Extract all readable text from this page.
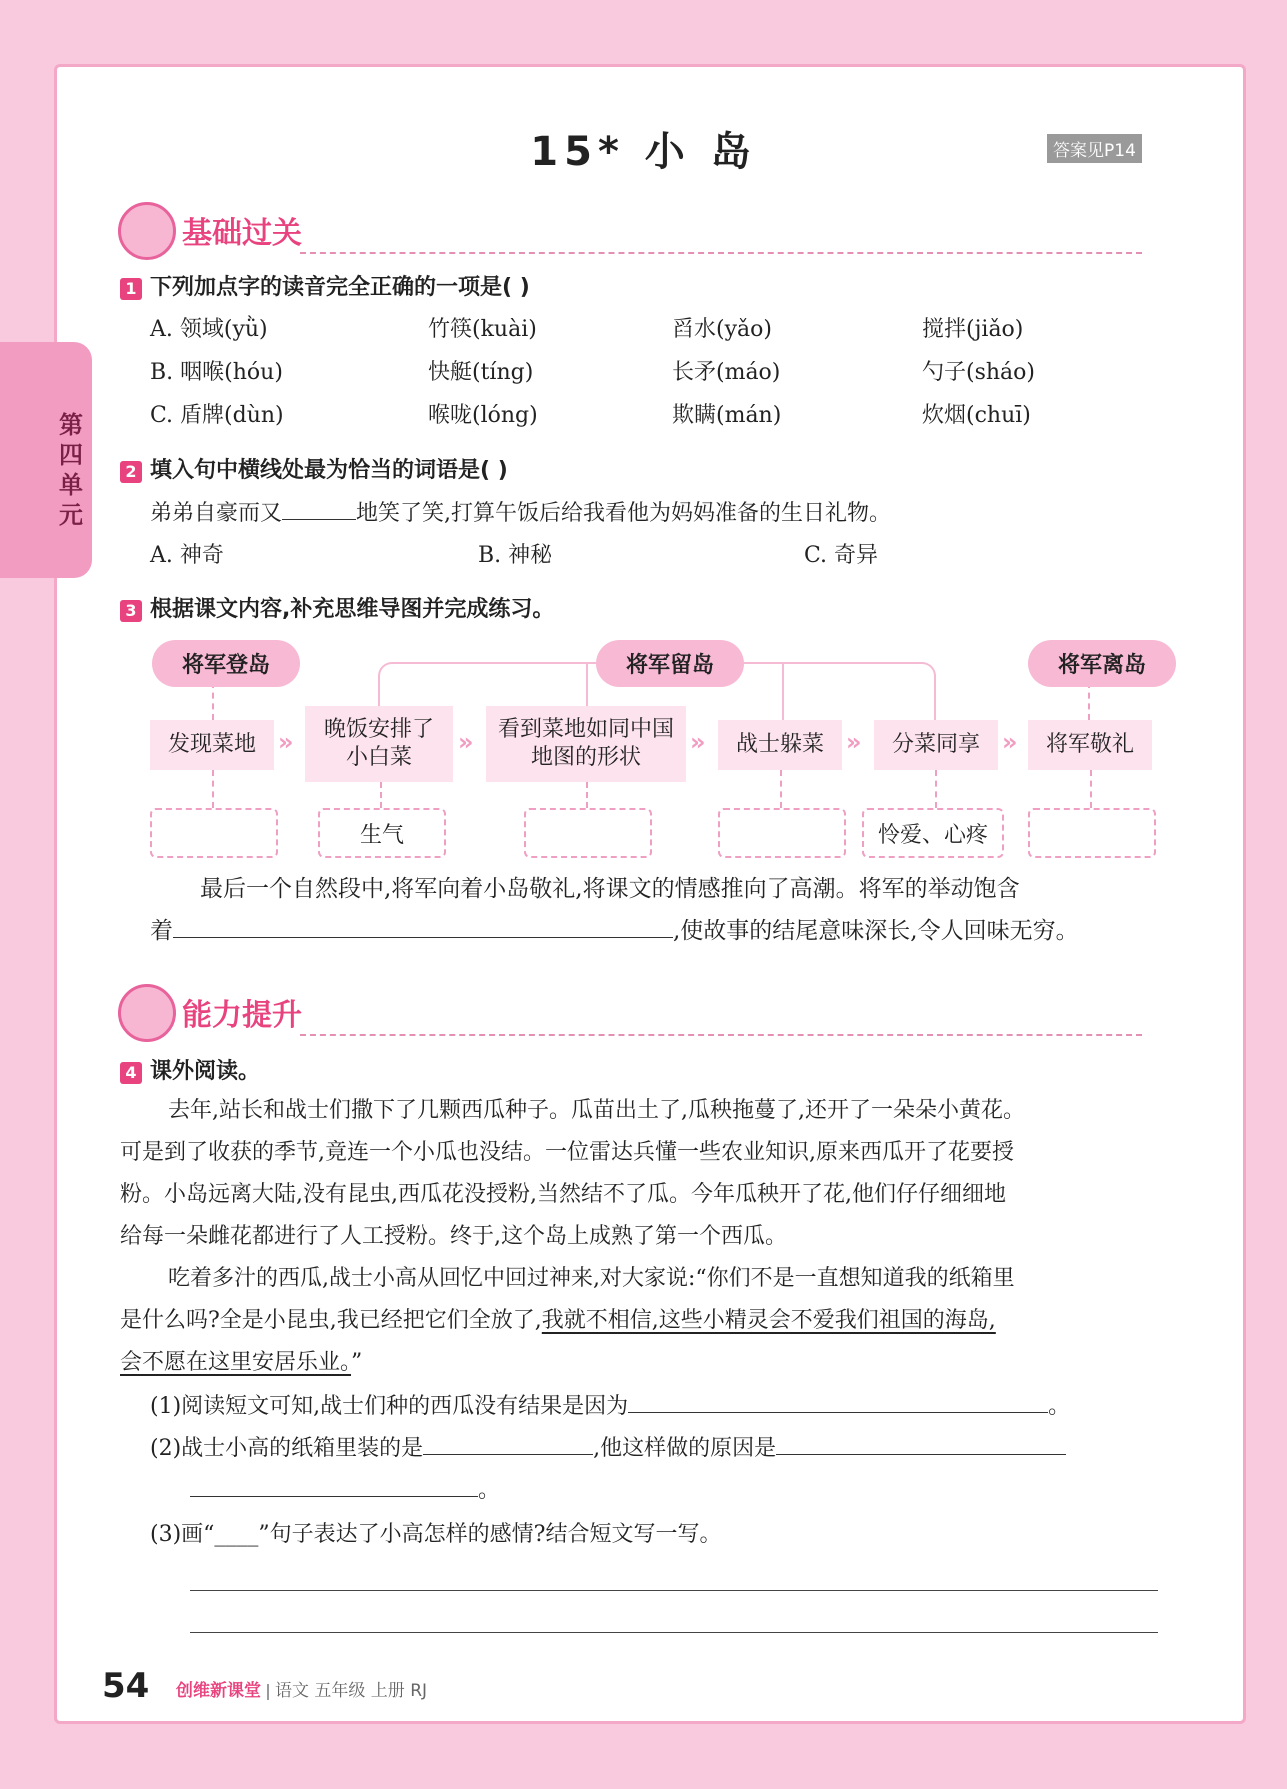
第四单元
15* 小 岛	答案见P14
基础过关
1 下列加点字的读音完全正确的一项是( )
A. 领域(yǜ)	竹筷(kuài)	舀水(yǎo)	搅拌(jiǎo)
B. 咽喉(hóu)	快艇(tíng)	长矛(máo)	勺子(sháo)
C. 盾牌(dùn)	喉咙(lóng)	欺瞒(mán)	炊烟(chuī)
2 填入句中横线处最为恰当的词语是( )
弟弟自豪而又	地笑了笑,打算午饭后给我看他为妈妈准备的生日礼物。
A. 神奇	B. 神秘	C. 奇异
3 根据课文内容,补充思维导图并完成练习。
将军登岛	将军留岛	将军离岛
发现菜地 »	晚饭安排了小白菜
»	看到菜地如同中国地图的形状
»	战士躲菜 »	分菜同享 »	将军敬礼
生气	怜爱、心疼
最后一个自然段中,将军向着小岛敬礼,将课文的情感推向了高潮。将军的举动饱含
着	,使故事的结尾意味深长,令人回味无穷。
能力提升
4 课外阅读。
去年,站长和战士们撒下了几颗西瓜种子。瓜苗出土了,瓜秧拖蔓了,还开了一朵朵小黄花。
可是到了收获的季节,竟连一个小瓜也没结。一位雷达兵懂一些农业知识,原来西瓜开了花要授
粉。小岛远离大陆,没有昆虫,西瓜花没授粉,当然结不了瓜。今年瓜秧开了花,他们仔仔细细地
给每一朵雌花都进行了人工授粉。终于,这个岛上成熟了第一个西瓜。
吃着多汁的西瓜,战士小高从回忆中回过神来,对大家说:“你们不是一直想知道我的纸箱里
是什么吗?全是小昆虫,我已经把它们全放了,我就不相信,这些小精灵会不爱我们祖国的海岛,
会不愿在这里安居乐业。”
(1)阅读短文可知,战士们种的西瓜没有结果是因为	。
(2)战士小高的纸箱里装的是	,他这样做的原因是
。
(3)画“____”句子表达了小高怎样的感情?结合短文写一写。
54 创维新课堂 语文 五年级 上册 RJ
